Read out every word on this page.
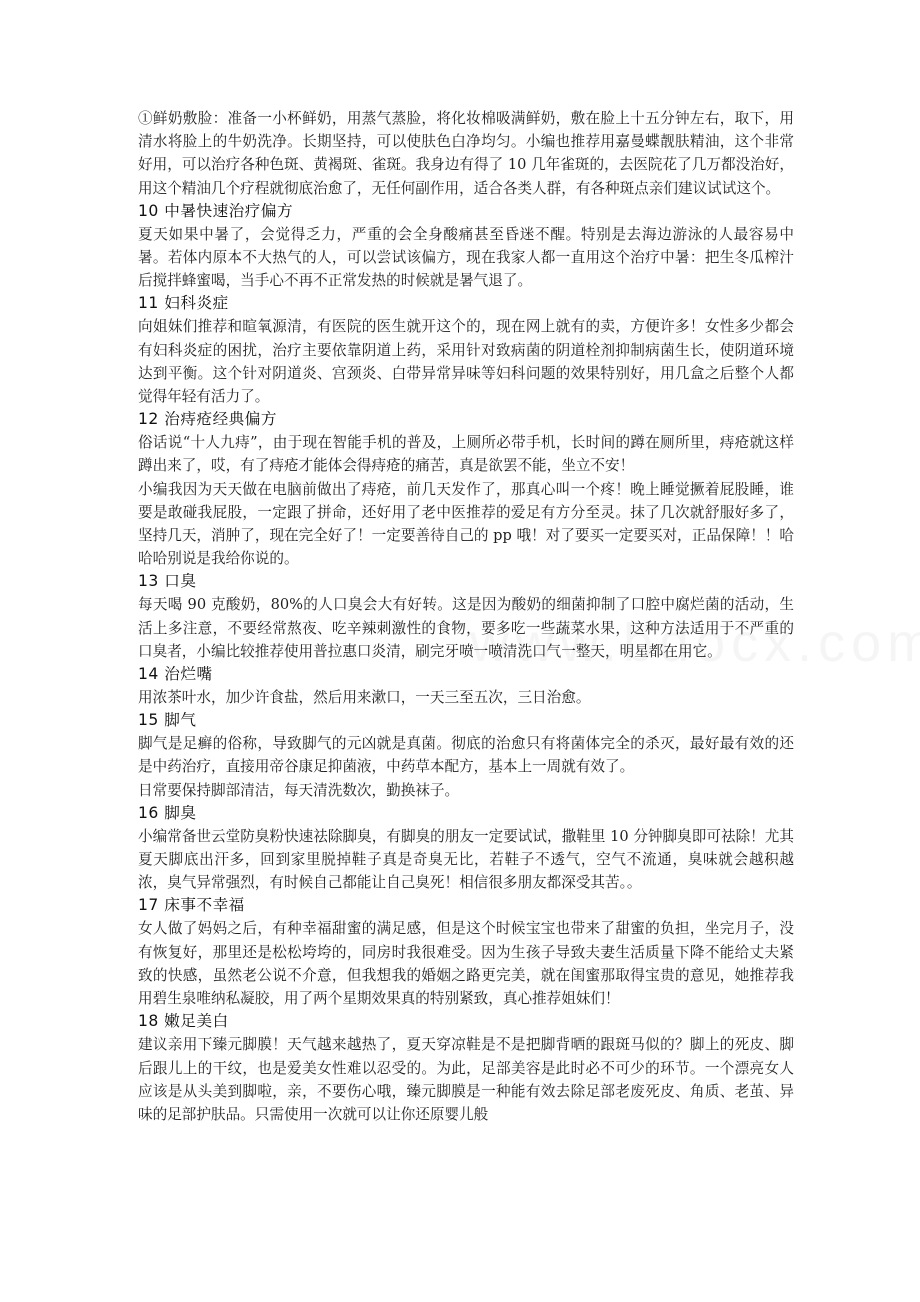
①鲜奶敷脸：准备一小杯鲜奶，用蒸气蒸脸，将化妆棉吸满鲜奶，敷在脸上十五分钟左右，取下，用清水将脸上的牛奶洗净。长期坚持，可以使肤色白净均匀。小编也推荐用嘉曼蝶靓肤精油，这个非常好用，可以治疗各种色斑、黄褐斑、雀斑。我身边有得了 10 几年雀斑的，去医院花了几万都没治好，用这个精油几个疗程就彻底治愈了，无任何副作用，适合各类人群，有各种斑点亲们建议试试这个。

10 中暑快速治疗偏方

夏天如果中暑了，会觉得乏力，严重的会全身酸痛甚至昏迷不醒。特别是去海边游泳的人最容易中暑。若体内原本不大热气的人，可以尝试该偏方，现在我家人都一直用这个治疗中暑：把生冬瓜榨汁后搅拌蜂蜜喝，当手心不再不正常发热的时候就是暑气退了。

11 妇科炎症

向姐妹们推荐和暄氧源清，有医院的医生就开这个的，现在网上就有的卖，方便许多！女性多少都会有妇科炎症的困扰，治疗主要依靠阴道上药，采用针对致病菌的阴道栓剂抑制病菌生长，使阴道环境达到平衡。这个针对阴道炎、宫颈炎、白带异常异味等妇科问题的效果特别好，用几盒之后整个人都觉得年轻有活力了。

12 治痔疮经典偏方

俗话说“十人九痔”，由于现在智能手机的普及，上厕所必带手机，长时间的蹲在厕所里，痔疮就这样蹲出来了，哎，有了痔疮才能体会得痔疮的痛苦，真是欲罢不能，坐立不安！

小编我因为天天做在电脑前做出了痔疮，前几天发作了，那真心叫一个疼！晚上睡觉撅着屁股睡，谁要是敢碰我屁股，一定跟了拼命，还好用了老中医推荐的爱足有方分至灵。抹了几次就舒服好多了，坚持几天，消肿了，现在完全好了！一定要善待自己的 pp 哦！对了要买一定要买对，正品保障！！哈哈哈别说是我给你说的。

13 口臭

每天喝 90 克酸奶，80%的人口臭会大有好转。这是因为酸奶的细菌抑制了口腔中腐烂菌的活动，生活上多注意，不要经常熬夜、吃辛辣刺激性的食物，要多吃一些蔬菜水果，这种方法适用于不严重的口臭者，小编比较推荐使用普拉惠口炎清，刷完牙喷一喷清洗口气一整天，明星都在用它。

14 治烂嘴

用浓茶叶水，加少许食盐，然后用来漱口，一天三至五次，三日治愈。

15 脚气

脚气是足癣的俗称，导致脚气的元凶就是真菌。彻底的治愈只有将菌体完全的杀灭，最好最有效的还是中药治疗，直接用帝谷康足抑菌液，中药草本配方，基本上一周就有效了。

日常要保持脚部清洁，每天清洗数次，勤换袜子。

16 脚臭

小编常备世云堂防臭粉快速祛除脚臭，有脚臭的朋友一定要试试，撒鞋里 10 分钟脚臭即可祛除！尤其夏天脚底出汗多，回到家里脱掉鞋子真是奇臭无比，若鞋子不透气，空气不流通，臭味就会越积越浓，臭气异常强烈，有时候自己都能让自己臭死！相信很多朋友都深受其苦。。

17 床事不幸福

女人做了妈妈之后，有种幸福甜蜜的满足感，但是这个时候宝宝也带来了甜蜜的负担，坐完月子，没有恢复好，那里还是松松垮垮的，同房时我很难受。因为生孩子导致夫妻生活质量下降不能给丈夫紧致的快感，虽然老公说不介意，但我想我的婚姻之路更完美，就在闺蜜那取得宝贵的意见，她推荐我用碧生泉唯纳私凝胶，用了两个星期效果真的特别紧致，真心推荐姐妹们！

18 嫩足美白

建议亲用下臻元脚膜！天气越来越热了，夏天穿凉鞋是不是把脚背晒的跟斑马似的？脚上的死皮、脚后跟儿上的干纹，也是爱美女性难以忍受的。为此，足部美容是此时必不可少的环节。一个漂亮女人应该是从头美到脚啦，亲，不要伤心哦，臻元脚膜是一种能有效去除足部老废死皮、角质、老茧、异味的足部护肤品。只需使用一次就可以让你还原婴儿般
